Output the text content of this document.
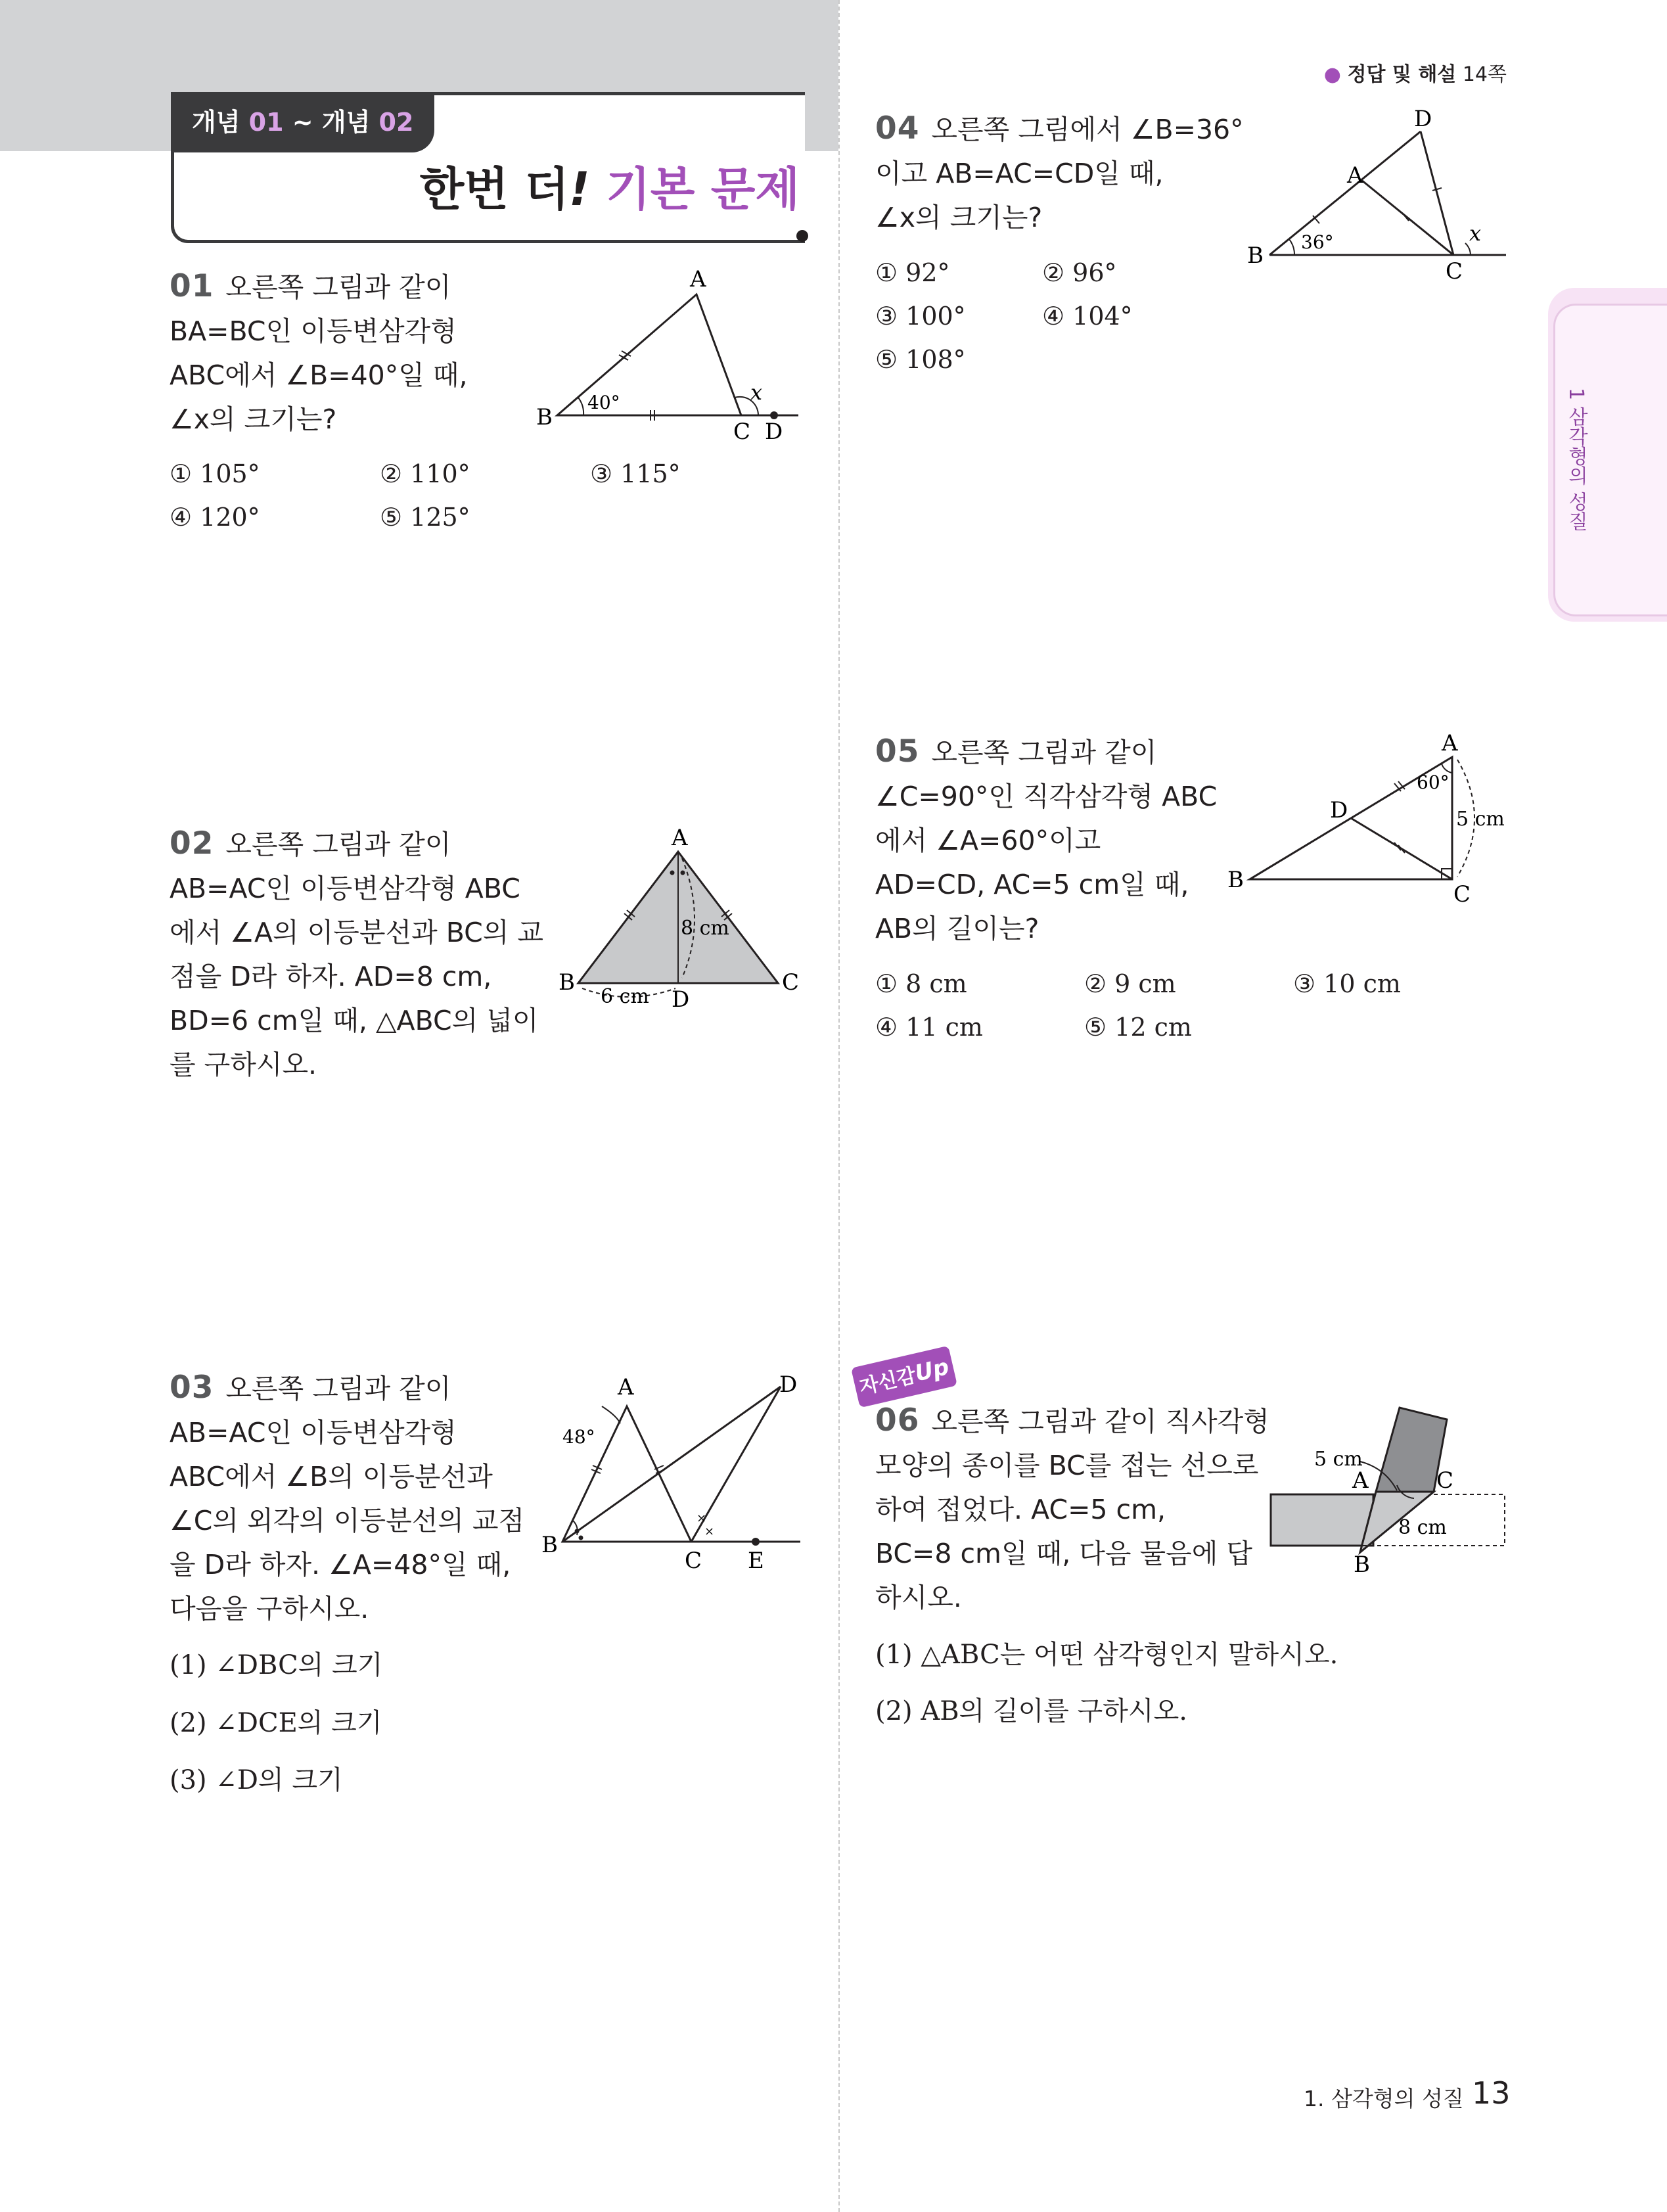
개념 01 ~ 개념 02
한번 더! 기본 문제
● 정답 및 해설 14쪽
1 삼각형의 성질
01 오른쪽 그림과 같이
BA=BC인 이등변삼각형
ABC에서 ∠B=40°일 때,
∠x의 크기는?
① 105°	② 110°	③ 115°
④ 120°	⑤ 125°
A
B
C D
40°	x
02 오른쪽 그림과 같이
AB=AC인 이등변삼각형 ABC
에서 ∠A의 이등분선과 BC의 교
점을 D라 하자. AD=8 cm,
BD=6 cm일 때, △ABC의 넓이
를 구하시오.
A
B	C
D
8 cm
6 cm
03 오른쪽 그림과 같이
AB=AC인 이등변삼각형
ABC에서 ∠B의 이등분선과
∠C의 외각의 이등분선의 교점
을 D라 하자. ∠A=48°일 때,
다음을 구하시오.
(1) ∠DBC의 크기
(2) ∠DCE의 크기
(3) ∠D의 크기
×
×
A
B
C
D
E
48°
04 오른쪽 그림에서 ∠B=36°
이고 AB=AC=CD일 때,
∠x의 크기는?
① 92°	② 96°
③ 100°	④ 104°
⑤ 108°
D
A
B
C
36°	x
05 오른쪽 그림과 같이
∠C=90°인 직각삼각형 ABC
에서 ∠A=60°이고
AD=CD, AC=5 cm일 때,
AB의 길이는?
① 8 cm	② 9 cm	③ 10 cm
④ 11 cm	⑤ 12 cm
A
B
C
D
60°
5 cm
자신감Up
06 오른쪽 그림과 같이 직사각형
모양의 종이를 BC를 접는 선으로
하여 접었다. AC=5 cm,
BC=8 cm일 때, 다음 물음에 답
하시오.
(1) △ABC는 어떤 삼각형인지 말하시오.
(2) AB의 길이를 구하시오.
5 cm
A	C
B
8 cm
1. 삼각형의 성질 13
